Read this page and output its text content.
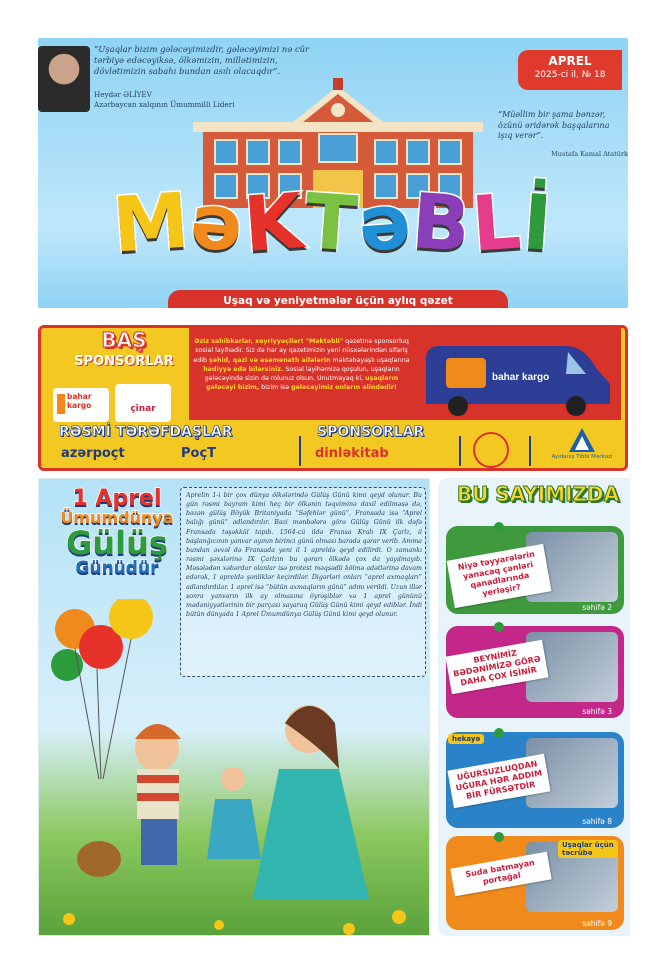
“Uşaqlar bizim gələcəyimizdir, gələcəyimizi nə cür tərbiyə edəcəyiksə, ölkəmizin, millətimizin, dövlətimizin sabahı bundan asılı olacaqdır”.
Heydər ƏLİYEV
Azərbaycan xalqının Ümummilli Lideri
APREL
2025-ci il, № 18
“Müəllim bir şama bənzər, özünü əridərək başqalarına işıq verər”.
Mustafa Kamal Atatürk
MəKTəBLİ
Uşaq və yeniyetmələr üçün aylıq qəzet
BAŞ
SPONSORLAR
bahar kargo	çinar
Əziz sahibkarlar, xeyriyyəçilər! "Məktəbli" qəzetinə sponsorluq sosial layihədir. Siz də hər ay qəzetimizin yeni nüsxələrindən sifariş edib şəhid, qazi və əsəmənatlı ailələrin məktəbəyaşlı uşaqlarına hədiyyə edə bilərsiniz. Sosial layihəmizə qoşulun, uşaqların gələcəyində sizin də rolunuz olsun. Unutmayaq ki, uşaqların gələcəyi bizim, bizim isə gələcəyimiz onların əlindədir!
bahar kargo
RƏSMİ TƏRƏFDAŞLAR
azərpoçt	PoçT
SPONSORLAR
dinləkitab	Ayıdanış Tibbi Mərkəzi
1 Aprel
Ümumdünya
Gülüş
Günüdür
Aprelin 1-i bir çox dünya ölkələrində Gülüş Günü kimi qeyd olunur. Bu gün rəsmi bayram kimi heç bir ölkənin təqviminə daxil edilməsə də, bəzən gülüş Böyük Britaniyada “Səfehlər günü”, Fransada isə “Aprel balığı günü” adlandırılır. Bəzi mənbələrə görə Gülüş Günü ilk dəfə Fransada təşəkkül tapıb. 1564-cü ildə Fransa Kralı IX Çarlz, il başlanğıcının yanvar ayının birinci günü olması barədə qərar verib. Amma bundan əvvəl də Fransada yeni il 1 apreldə qeyd edilirdi. O zamankı rəsmi şəxslərinə IX Çarlzın bu qərarı ölkədə çox da yayılmayıb. Məsələdən xəbərdar olanlar isə protest məqsədli kölmə adətlərinə davam edərək, 1 apreldə şənliklər keçirdilər. Digərləri onları “aprel axmaqları” adlandırdılar. 1 aprel isə “bütün axmaqların günü” adını verildi. Uzun illər sonra yanvarın ilk ay olmasına öyrəşiblər və 1 aprel gününü mədəniyyətlərinin bir parçası sayaraq Gülüş Günü kimi qeyd ediblər. İndi bütün dünyada 1 Aprel Ümumdünya Gülüş Günü kimi qeyd olunur.
BU SAYIMIZDA
Niyə təyyarələrin yanacaq çənləri qanadlarında yerləşir?
səhifə 2
BEYNİMİZ BƏDƏNİMİZƏ GÖRƏ DAHA ÇOX İSİNİR
səhifə 3
hekayə
UĞURSUZLUQDAN UĞURA HƏR ADDIM BİR FÜRSƏTDİR
səhifə 8
Uşaqlar üçün təcrübə
Suda batmayan portağal
səhifə 9
